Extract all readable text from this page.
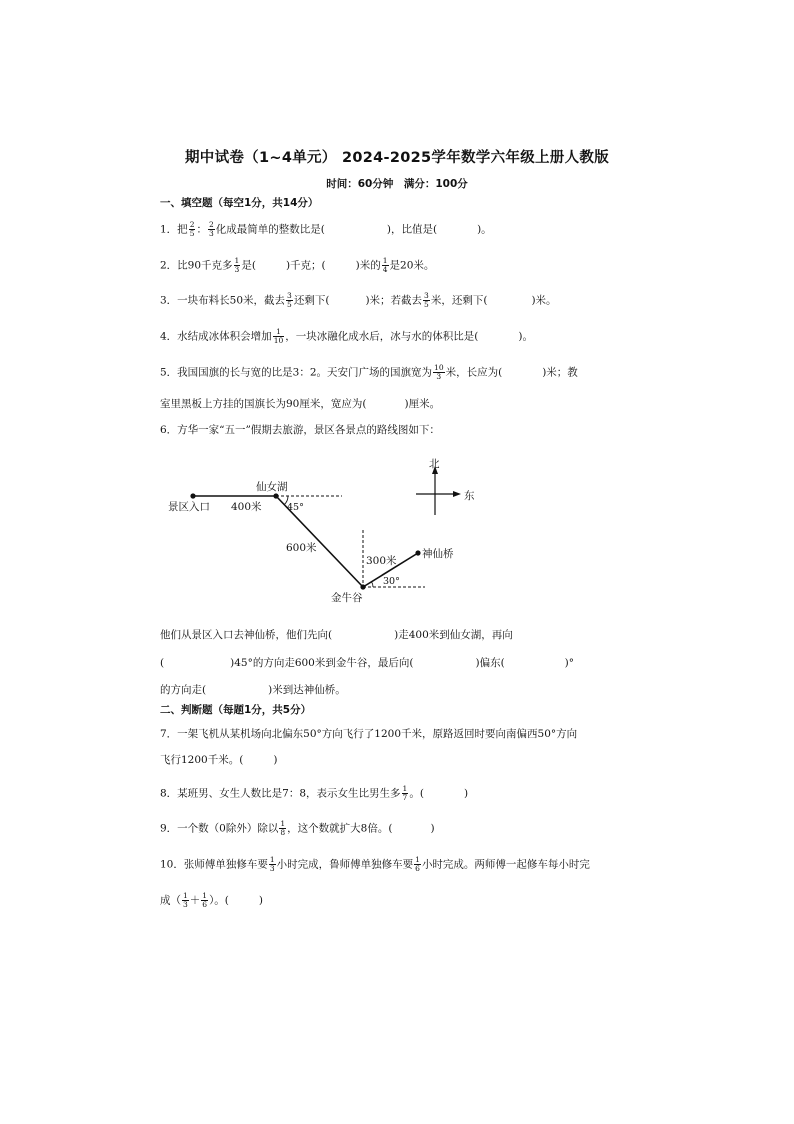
期中试卷（1~4单元） 2024-2025学年数学六年级上册人教版
时间：60分钟　满分：100分
一、填空题（每空1分，共14分）
1．把 $\frac{2}{5}$ ： $\frac{2}{3}$ 化成最简单的整数比是(	)，比值是(	)。
2．比90千克多 $\frac{1}{3}$ 是(	)千克；(	)米的 $\frac{1}{4}$ 是20米。
3．一块布料长50米，截去 $\frac{3}{5}$ 还剩下(	)米；若截去 $\frac{3}{5}$ 米，还剩下(	)米。
4．水结成冰体积会增加 $\frac{1}{10}$ ，一块冰融化成水后，冰与水的体积比是(	)。
5．我国国旗的长与宽的比是3：2。天安门广场的国旗宽为 $\frac{10}{3}$ 米，长应为(	)米；教
室里黑板上方挂的国旗长为90厘米，宽应为(	)厘米。
6．方华一家“五一”假期去旅游，景区各景点的路线图如下：
景区入口
仙女湖
400米	45°
600米
300米
30°
神仙桥
金牛谷
北
东
他们从景区入口去神仙桥，他们先向(	)走400米到仙女湖，再向
(	)45°的方向走600米到金牛谷，最后向(	)偏东(	)°
的方向走(	)米到达神仙桥。
二、判断题（每题1分，共5分）
7．一架飞机从某机场向北偏东50°方向飞行了1200千米，原路返回时要向南偏西50°方向
飞行1200千米。(	)
8．某班男、女生人数比是7：8，表示女生比男生多 $\frac{1}{7}$ 。(	)
9．一个数（0除外）除以 $\frac{1}{8}$ ，这个数就扩大8倍。(	)
10．张师傅单独修车要 $\frac{1}{3}$ 小时完成，鲁师傅单独修车要 $\frac{1}{6}$ 小时完成。两师傅一起修车每小时完
成（ $\frac{1}{3} + \frac{1}{6}$ ）。(	)
